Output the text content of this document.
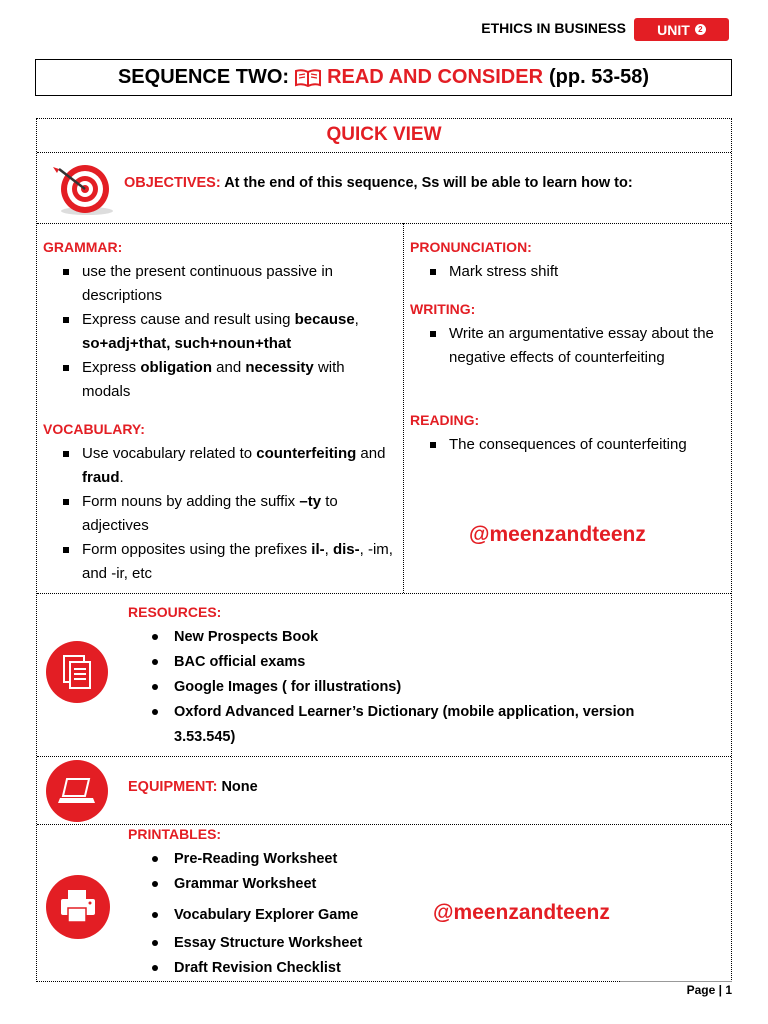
ETHICS IN BUSINESS UNIT	2
SEQUENCE TWO: READ AND CONSIDER (pp. 53-58)
QUICK VIEW
OBJECTIVES: At the end of this sequence, Ss will be able to learn how to:
GRAMMAR:
use the present continuous passive in descriptions
Express cause and result using because, so+adj+that, such+noun+that
Express obligation and necessity with modals
VOCABULARY:
Use vocabulary related to counterfeiting and fraud.
Form nouns by adding the suffix –ty to adjectives
Form opposites using the prefixes il-, dis-, -im, and -ir, etc
PRONUNCIATION:
Mark stress shift
WRITING:
Write an argumentative essay about the negative effects of counterfeiting
READING:
The consequences of counterfeiting
@meenzandteenz
RESOURCES:
New Prospects Book
BAC official exams
Google Images ( for illustrations)
Oxford Advanced Learner’s Dictionary (mobile application, version 3.53.545)
EQUIPMENT: None
PRINTABLES:
Pre-Reading Worksheet
Grammar Worksheet
Vocabulary Explorer Game
Essay Structure Worksheet
Draft Revision Checklist
@meenzandteenz
Page | 1
